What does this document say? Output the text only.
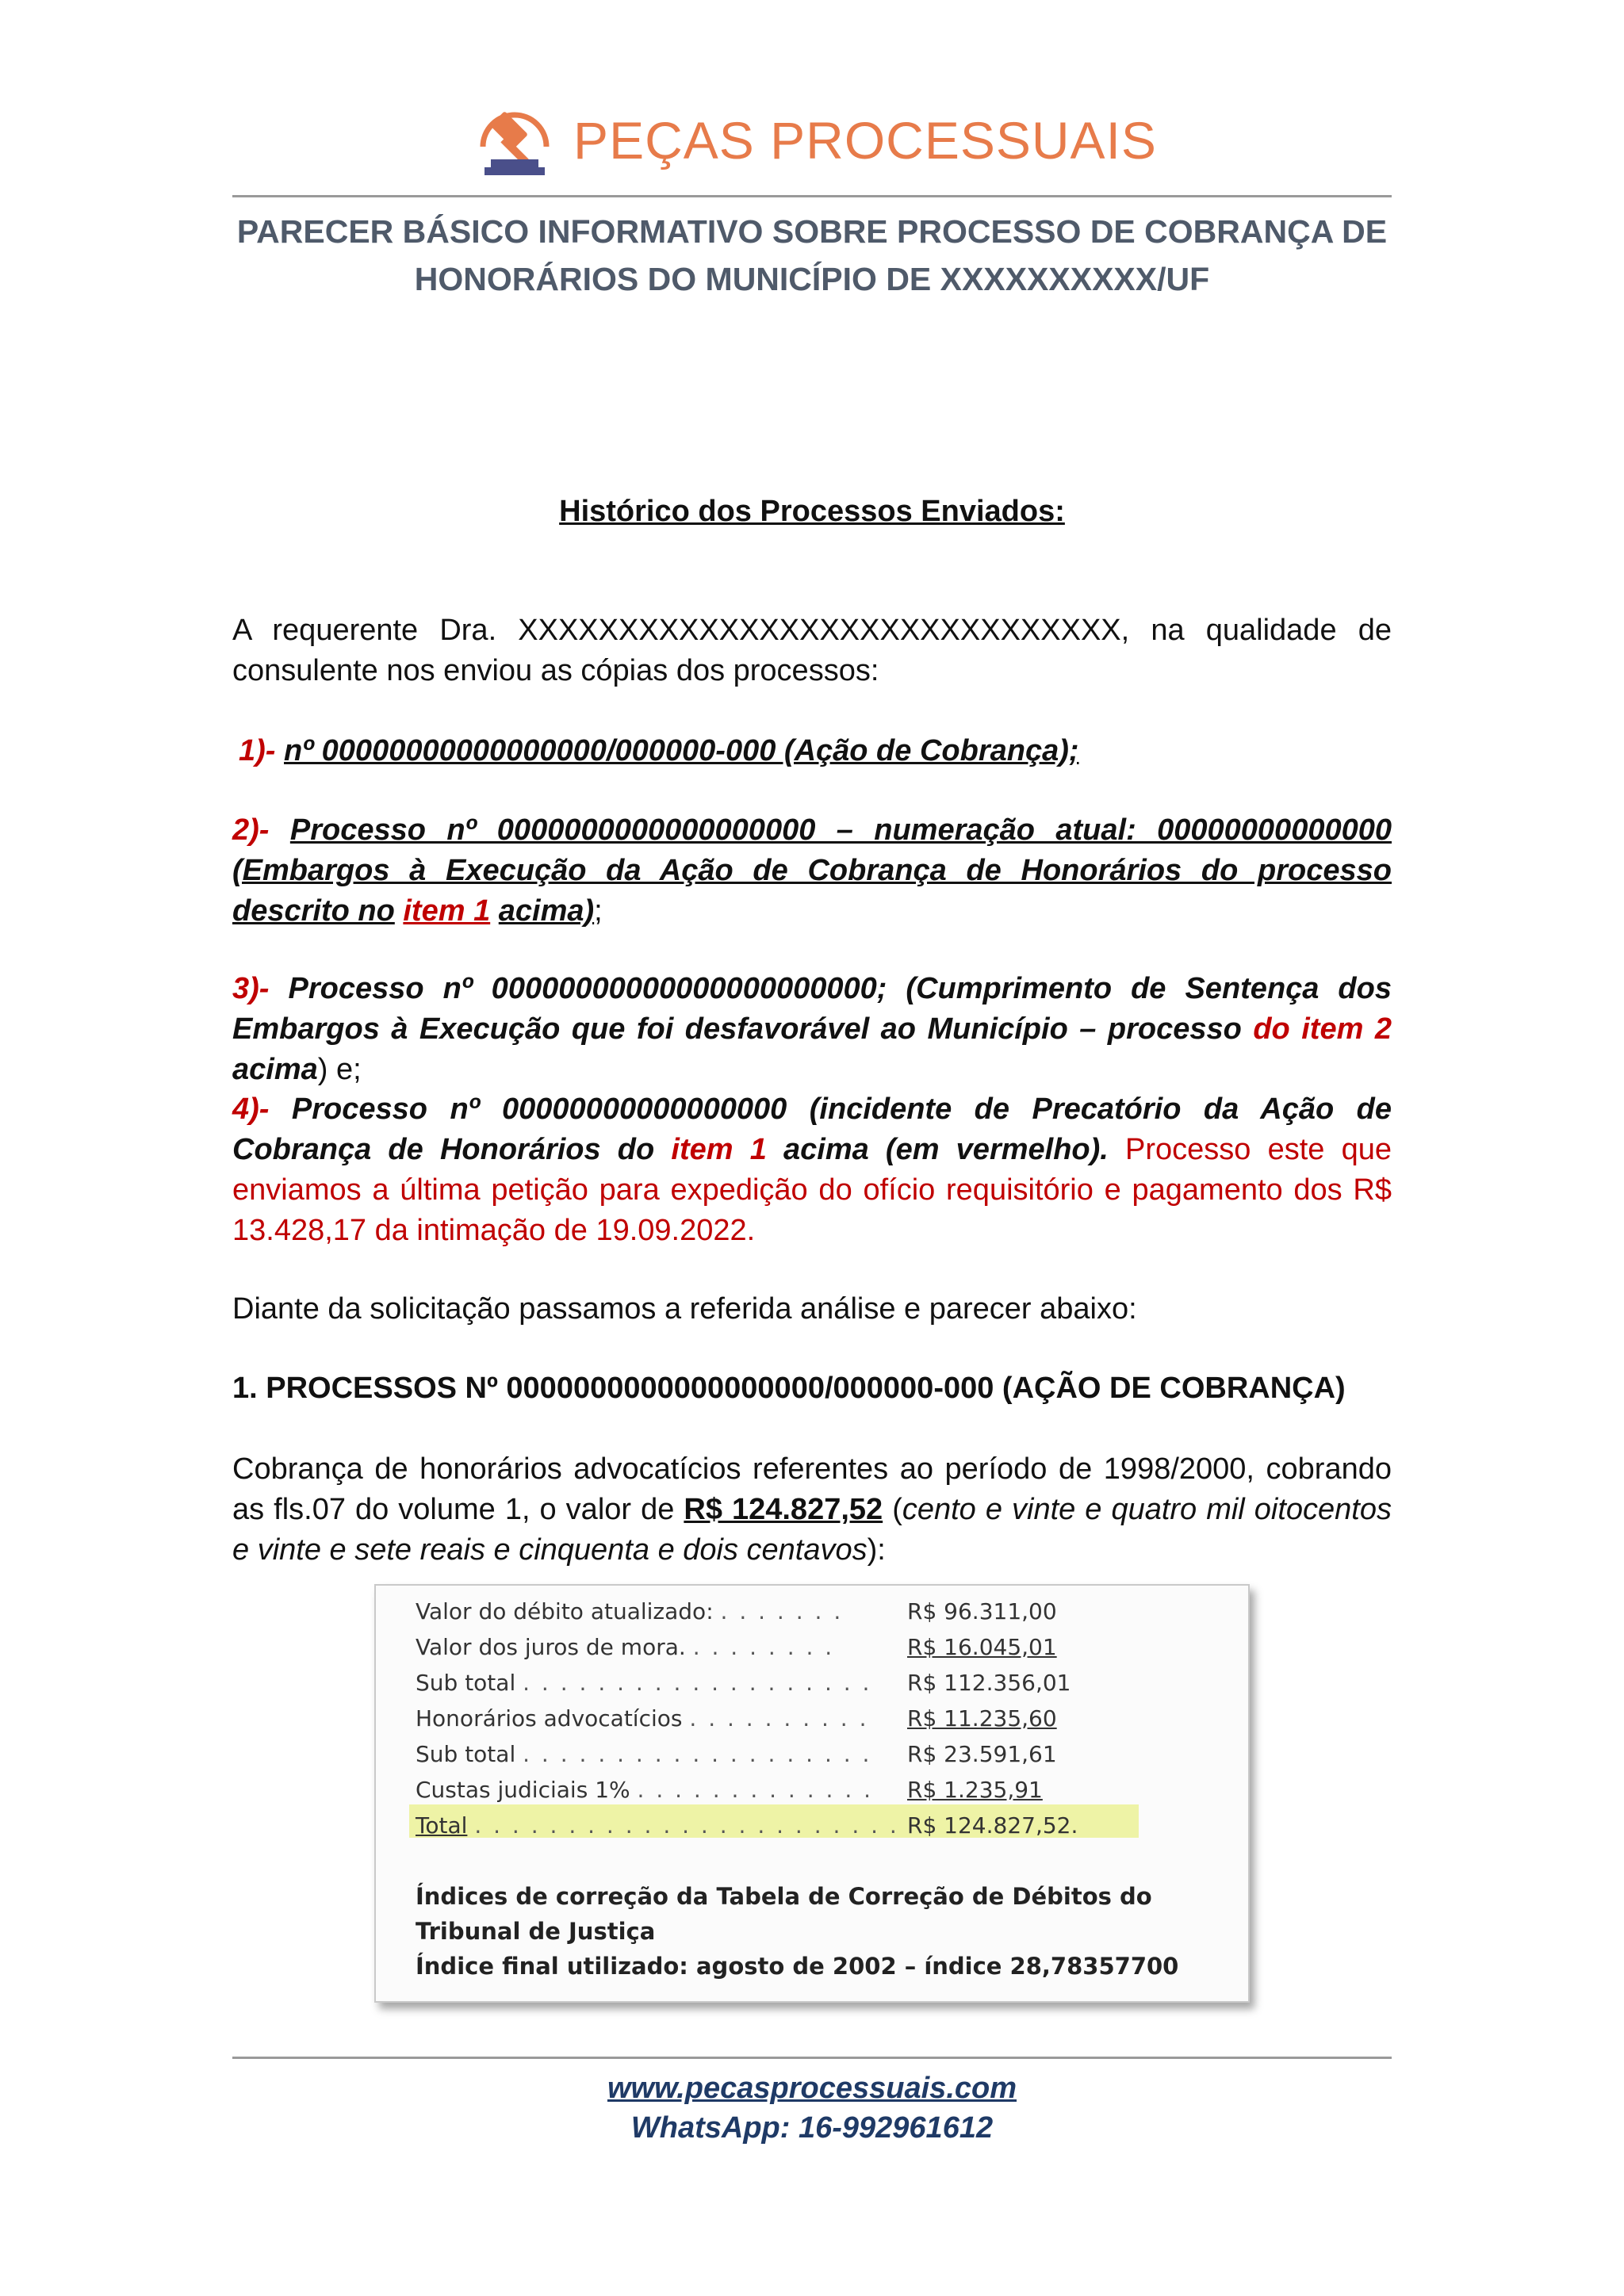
PEÇAS PROCESSUAIS
PARECER BÁSICO INFORMATIVO SOBRE PROCESSO DE COBRANÇA DE
HONORÁRIOS DO MUNICÍPIO DE XXXXXXXXXX/UF
Histórico dos Processos Enviados:
A requerente Dra. XXXXXXXXXXXXXXXXXXXXXXXXXXXXXX, na qualidade de consulente nos enviou as cópias dos processos:
1)- nº 00000000000000000/000000-000 (Ação de Cobrança);
2)- Processo nº 0000000000000000000 – numeração atual: 00000000000000 (Embargos à Execução da Ação de Cobrança de Honorários do processo descrito no item 1 acima);
3)- Processo nº 00000000000000000000000; (Cumprimento de Sentença dos Embargos à Execução que foi desfavorável ao Município – processo do item 2 acima) e;
4)- Processo nº 00000000000000000 (incidente de Precatório da Ação de Cobrança de Honorários do item 1 acima (em vermelho). Processo este que enviamos a última petição para expedição do ofício requisitório e pagamento dos R$ 13.428,17 da intimação de 19.09.2022.
Diante da solicitação passamos a referida análise e parecer abaixo:
1. PROCESSOS Nº 0000000000000000000/000000-000 (AÇÃO DE COBRANÇA)
Cobrança de honorários advocatícios referentes ao período de 1998/2000, cobrando as fls.07 do volume 1, o valor de R$ 124.827,52 (cento e vinte e quatro mil oitocentos e vinte e sete reais e cinquenta e dois centavos):
Valor do débito atualizado: . . . . . . .	R$ 96.311,00
Valor dos juros de mora. . . . . . . . .	R$ 16.045,01
Sub total . . . . . . . . . . . . . . . . . . . R$ 112.356,01
Honorários advocatícios . . . . . . . . . . R$ 11.235,60
Sub total . . . . . . . . . . . . . . . . . . . R$ 23.591,61
Custas judiciais 1% . . . . . . . . . . . . . R$ 1.235,91
Total . . . . . . . . . . . . . . . . . . . . . . . R$ 124.827,52.
Índices de correção da Tabela de Correção de Débitos do
Tribunal de Justiça
Índice final utilizado: agosto de 2002 – índice 28,78357700
www.pecasprocessuais.com
WhatsApp: 16-992961612
